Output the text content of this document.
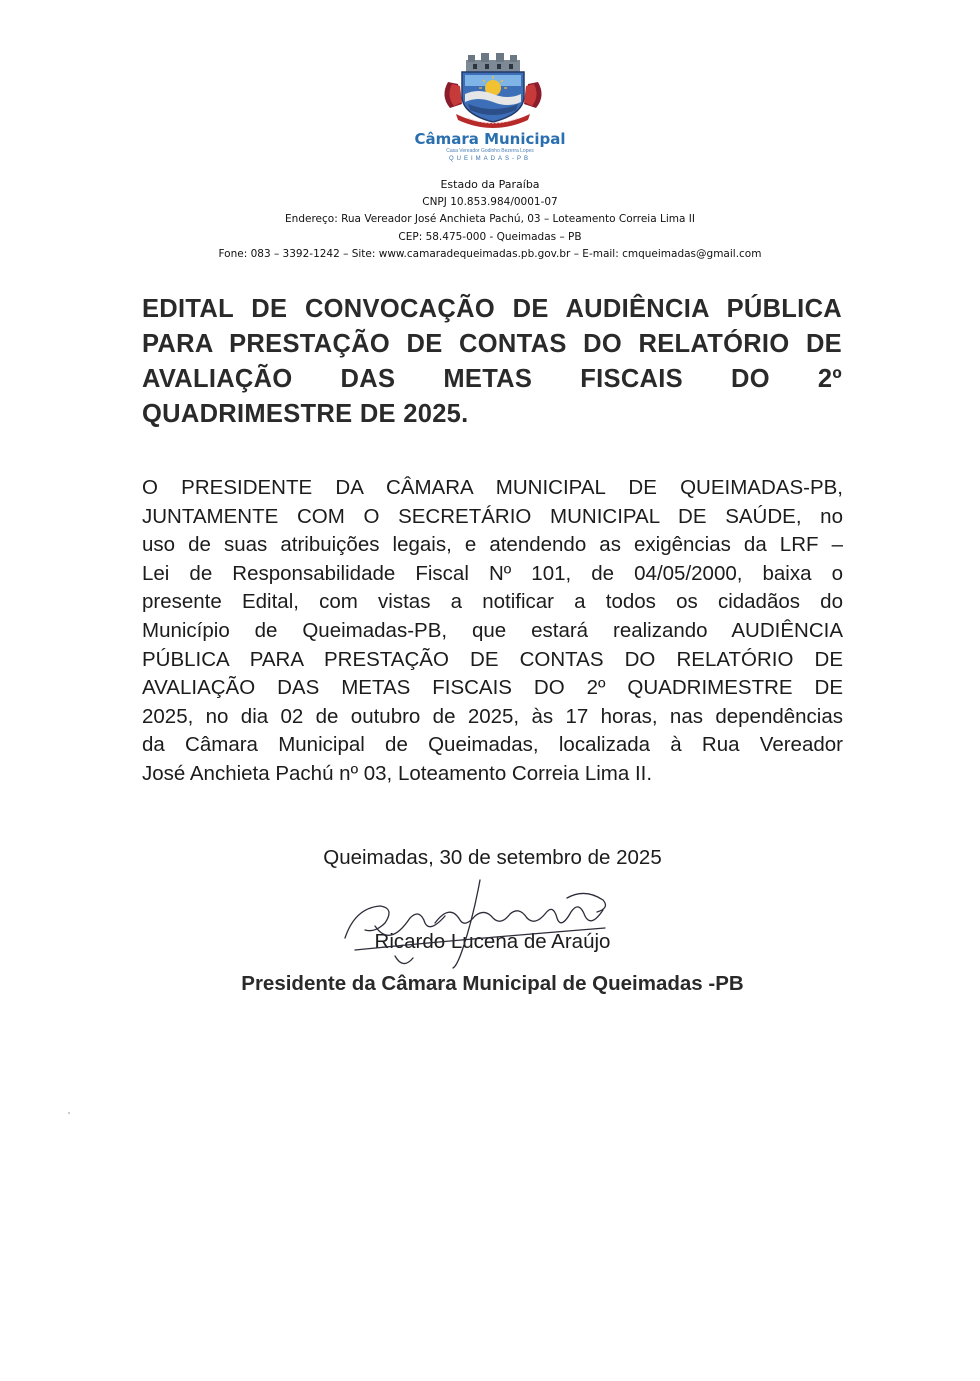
Câmara Municipal
Casa Vereador Godinho Bezerra Lopes
QUEIMADAS-PB
Estado da Paraíba
CNPJ 10.853.984/0001-07
Endereço: Rua Vereador José Anchieta Pachú, 03 – Loteamento Correia Lima II
CEP: 58.475-000 - Queimadas – PB
Fone: 083 – 3392-1242 – Site: www.camaradequeimadas.pb.gov.br – E-mail: cmqueimadas@gmail.com
EDITAL DE CONVOCAÇÃO DE AUDIÊNCIA PÚBLICA
PARA PRESTAÇÃO DE CONTAS DO RELATÓRIO DE
AVALIAÇÃO DAS METAS FISCAIS DO 2º
QUADRIMESTRE DE 2025.
O PRESIDENTE DA CÂMARA MUNICIPAL DE QUEIMADAS-PB,
JUNTAMENTE COM O SECRETÁRIO MUNICIPAL DE SAÚDE, no
uso de suas atribuições legais, e atendendo as exigências da LRF –
Lei de Responsabilidade Fiscal Nº 101, de 04/05/2000, baixa o
presente Edital, com vistas a notificar a todos os cidadãos do
Município de Queimadas-PB, que estará realizando AUDIÊNCIA
PÚBLICA PARA PRESTAÇÃO DE CONTAS DO RELATÓRIO DE
AVALIAÇÃO DAS METAS FISCAIS DO 2º QUADRIMESTRE DE
2025, no dia 02 de outubro de 2025, às 17 horas, nas dependências
da Câmara Municipal de Queimadas, localizada à Rua Vereador
José Anchieta Pachú nº 03, Loteamento Correia Lima II.
Queimadas, 30 de setembro de 2025
Ricardo Lucena de Araújo
Presidente da Câmara Municipal de Queimadas -PB
